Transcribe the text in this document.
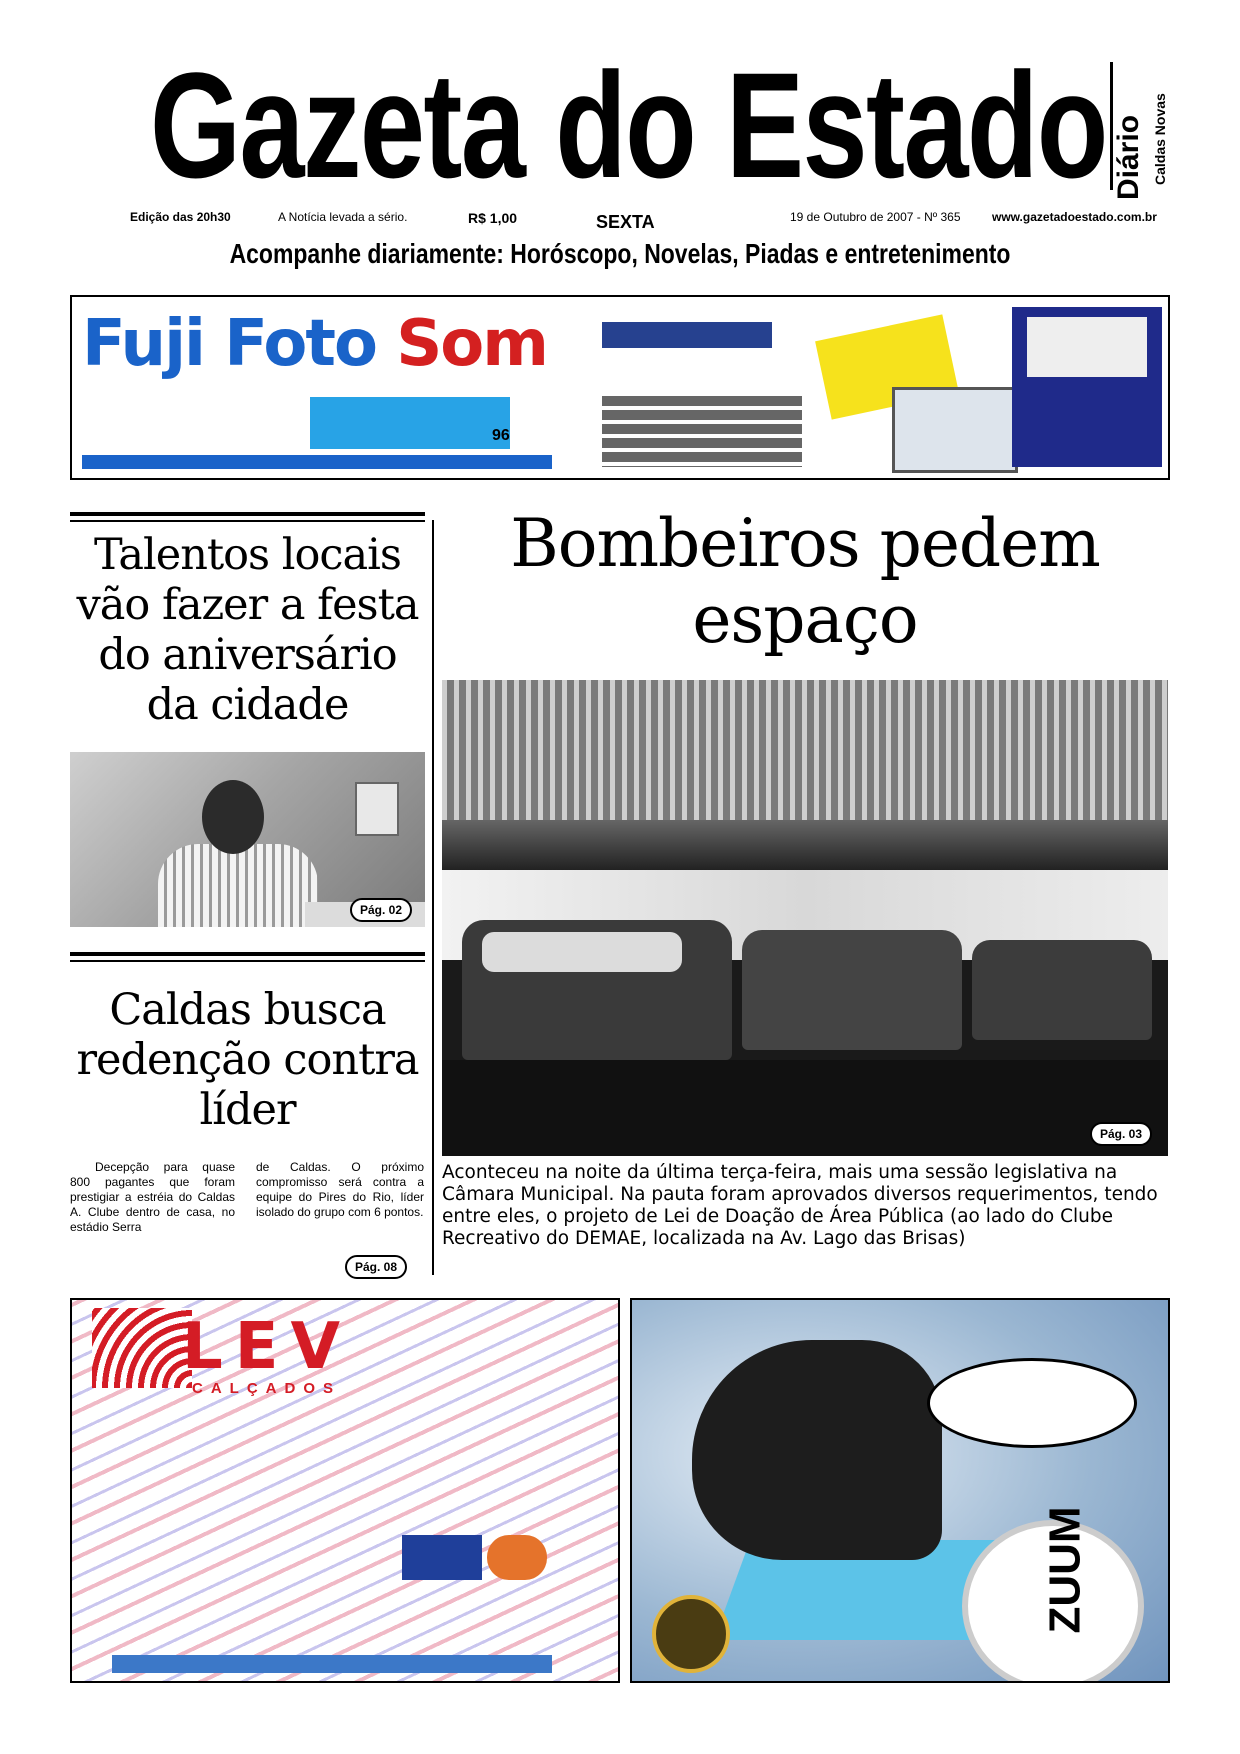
Gazeta do Estado Diário Caldas Novas
Edição das 20h30	A Notícia levada a sério.	R$ 1,00	SEXTA	19 de Outubro de 2007 - Nº 365	www.gazetadoestado.com.br
Acompanhe diariamente: Horóscopo, Novelas, Piadas e entretenimento
Fuji Foto Som
96
Talentos locais vão fazer a festa do aniversário da cidade
Pág. 02
Caldas busca redenção contra líder
Decepção para quase 800 pagantes que foram prestigiar a estréia do Caldas A. Clube dentro de casa, no estádio Serra
de Caldas. O próximo compromisso será contra a equipe do Pires do Rio, líder isolado do grupo com 6 pontos.
Pág. 08
Bombeiros pedem espaço
Pág. 03
Aconteceu na noite da última terça-feira, mais uma sessão legislativa na Câmara Municipal. Na pauta foram aprovados diversos requerimentos, tendo entre eles, o projeto de Lei de Doação de Área Pública (ao lado do Clube Recreativo do DEMAE, localizada na Av. Lago das Brisas)
LEV
CALÇADOS
ZUUM
